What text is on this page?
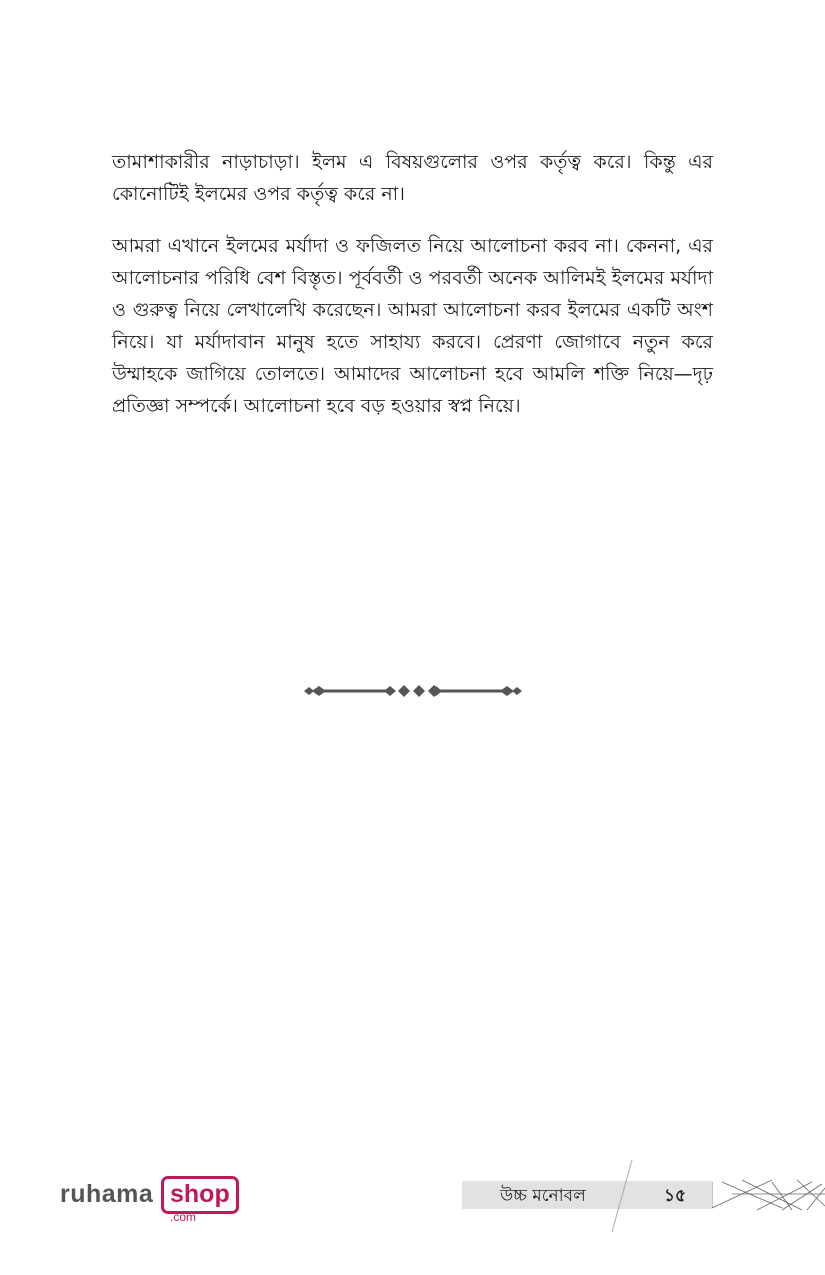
তামাশাকারীর নাড়াচাড়া। ইলম এ বিষয়গুলোর ওপর কর্তৃত্ব করে। কিন্তু এর কোনোটিই ইলমের ওপর কর্তৃত্ব করে না।

আমরা এখানে ইলমের মর্যাদা ও ফজিলত নিয়ে আলোচনা করব না। কেননা, এর আলোচনার পরিধি বেশ বিস্তৃত। পূর্ববর্তী ও পরবর্তী অনেক আলিমই ইলমের মর্যাদা ও গুরুত্ব নিয়ে লেখালেখি করেছেন। আমরা আলোচনা করব ইলমের একটি অংশ নিয়ে। যা মর্যাদাবান মানুষ হতে সাহায্য করবে। প্রেরণা জোগাবে নতুন করে উম্মাহকে জাগিয়ে তোলতে। আমাদের আলোচনা হবে আমলি শক্তি নিয়ে—দৃঢ় প্রতিজ্ঞা সম্পর্কে। আলোচনা হবে বড় হওয়ার স্বপ্ন নিয়ে।

ruhama shop
.com
উচ্চ মনোবল	১৫
